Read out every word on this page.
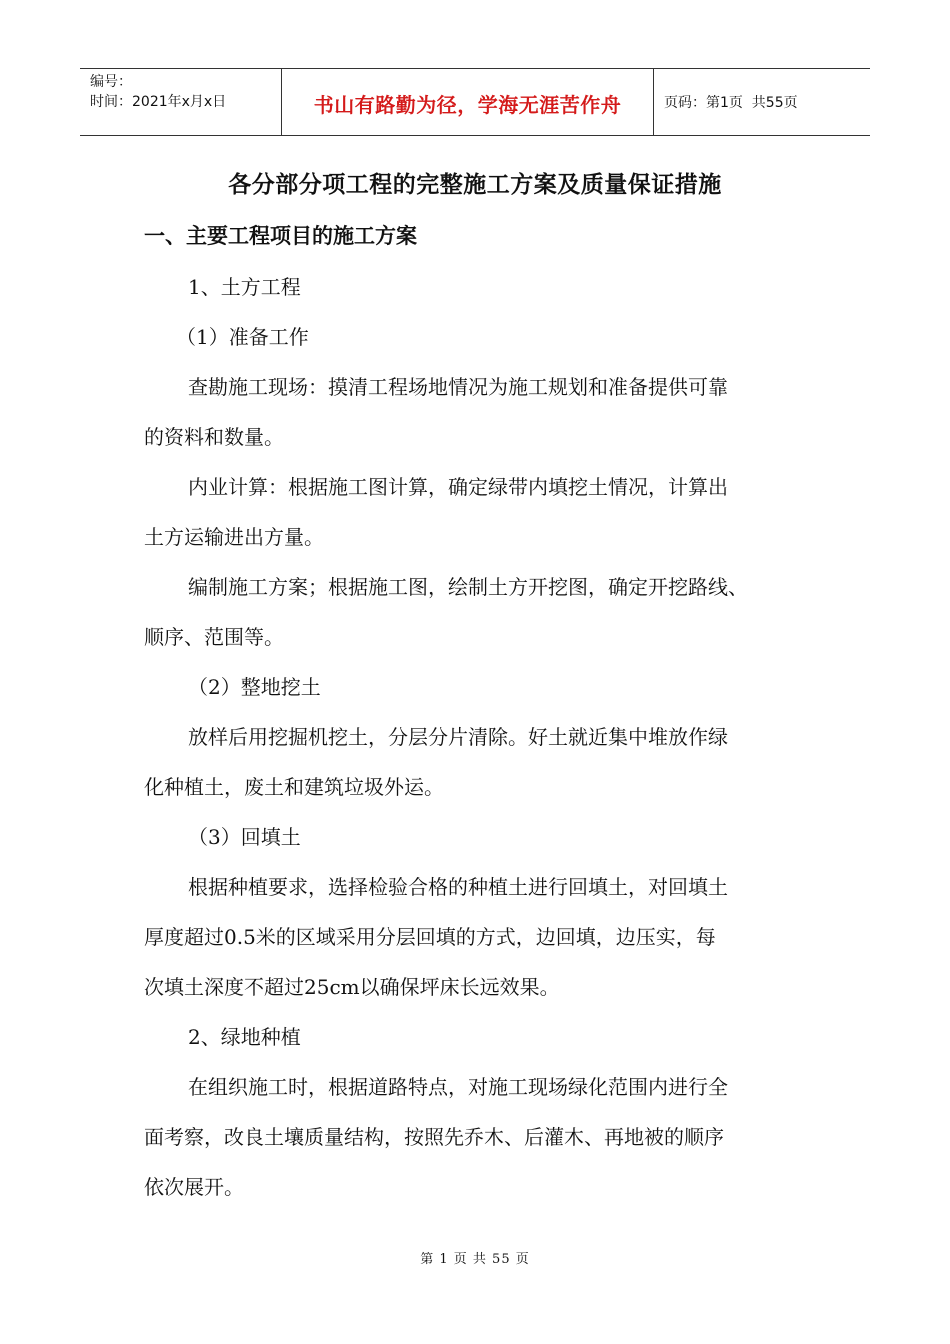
编号：
时间：2021年x月x日	书山有路勤为径，学海无涯苦作舟	页码：第1页  共55页
各分部分项工程的完整施工方案及质量保证措施
一、主要工程项目的施工方案
1、土方工程
（1）准备工作
查勘施工现场：摸清工程场地情况为施工规划和准备提供可靠
的资料和数量。
内业计算：根据施工图计算，确定绿带内填挖土情况，计算出
土方运输进出方量。
编制施工方案；根据施工图，绘制土方开挖图，确定开挖路线、
顺序、范围等。
（2）整地挖土
放样后用挖掘机挖土，分层分片清除。好土就近集中堆放作绿
化种植土，废土和建筑垃圾外运。
（3）回填土
根据种植要求，选择检验合格的种植土进行回填土，对回填土
厚度超过0.5米的区域采用分层回填的方式，边回填，边压实，每
次填土深度不超过25cm以确保坪床长远效果。
2、绿地种植
在组织施工时，根据道路特点，对施工现场绿化范围内进行全
面考察，改良土壤质量结构，按照先乔木、后灌木、再地被的顺序
依次展开。
第 1 页 共 55 页
